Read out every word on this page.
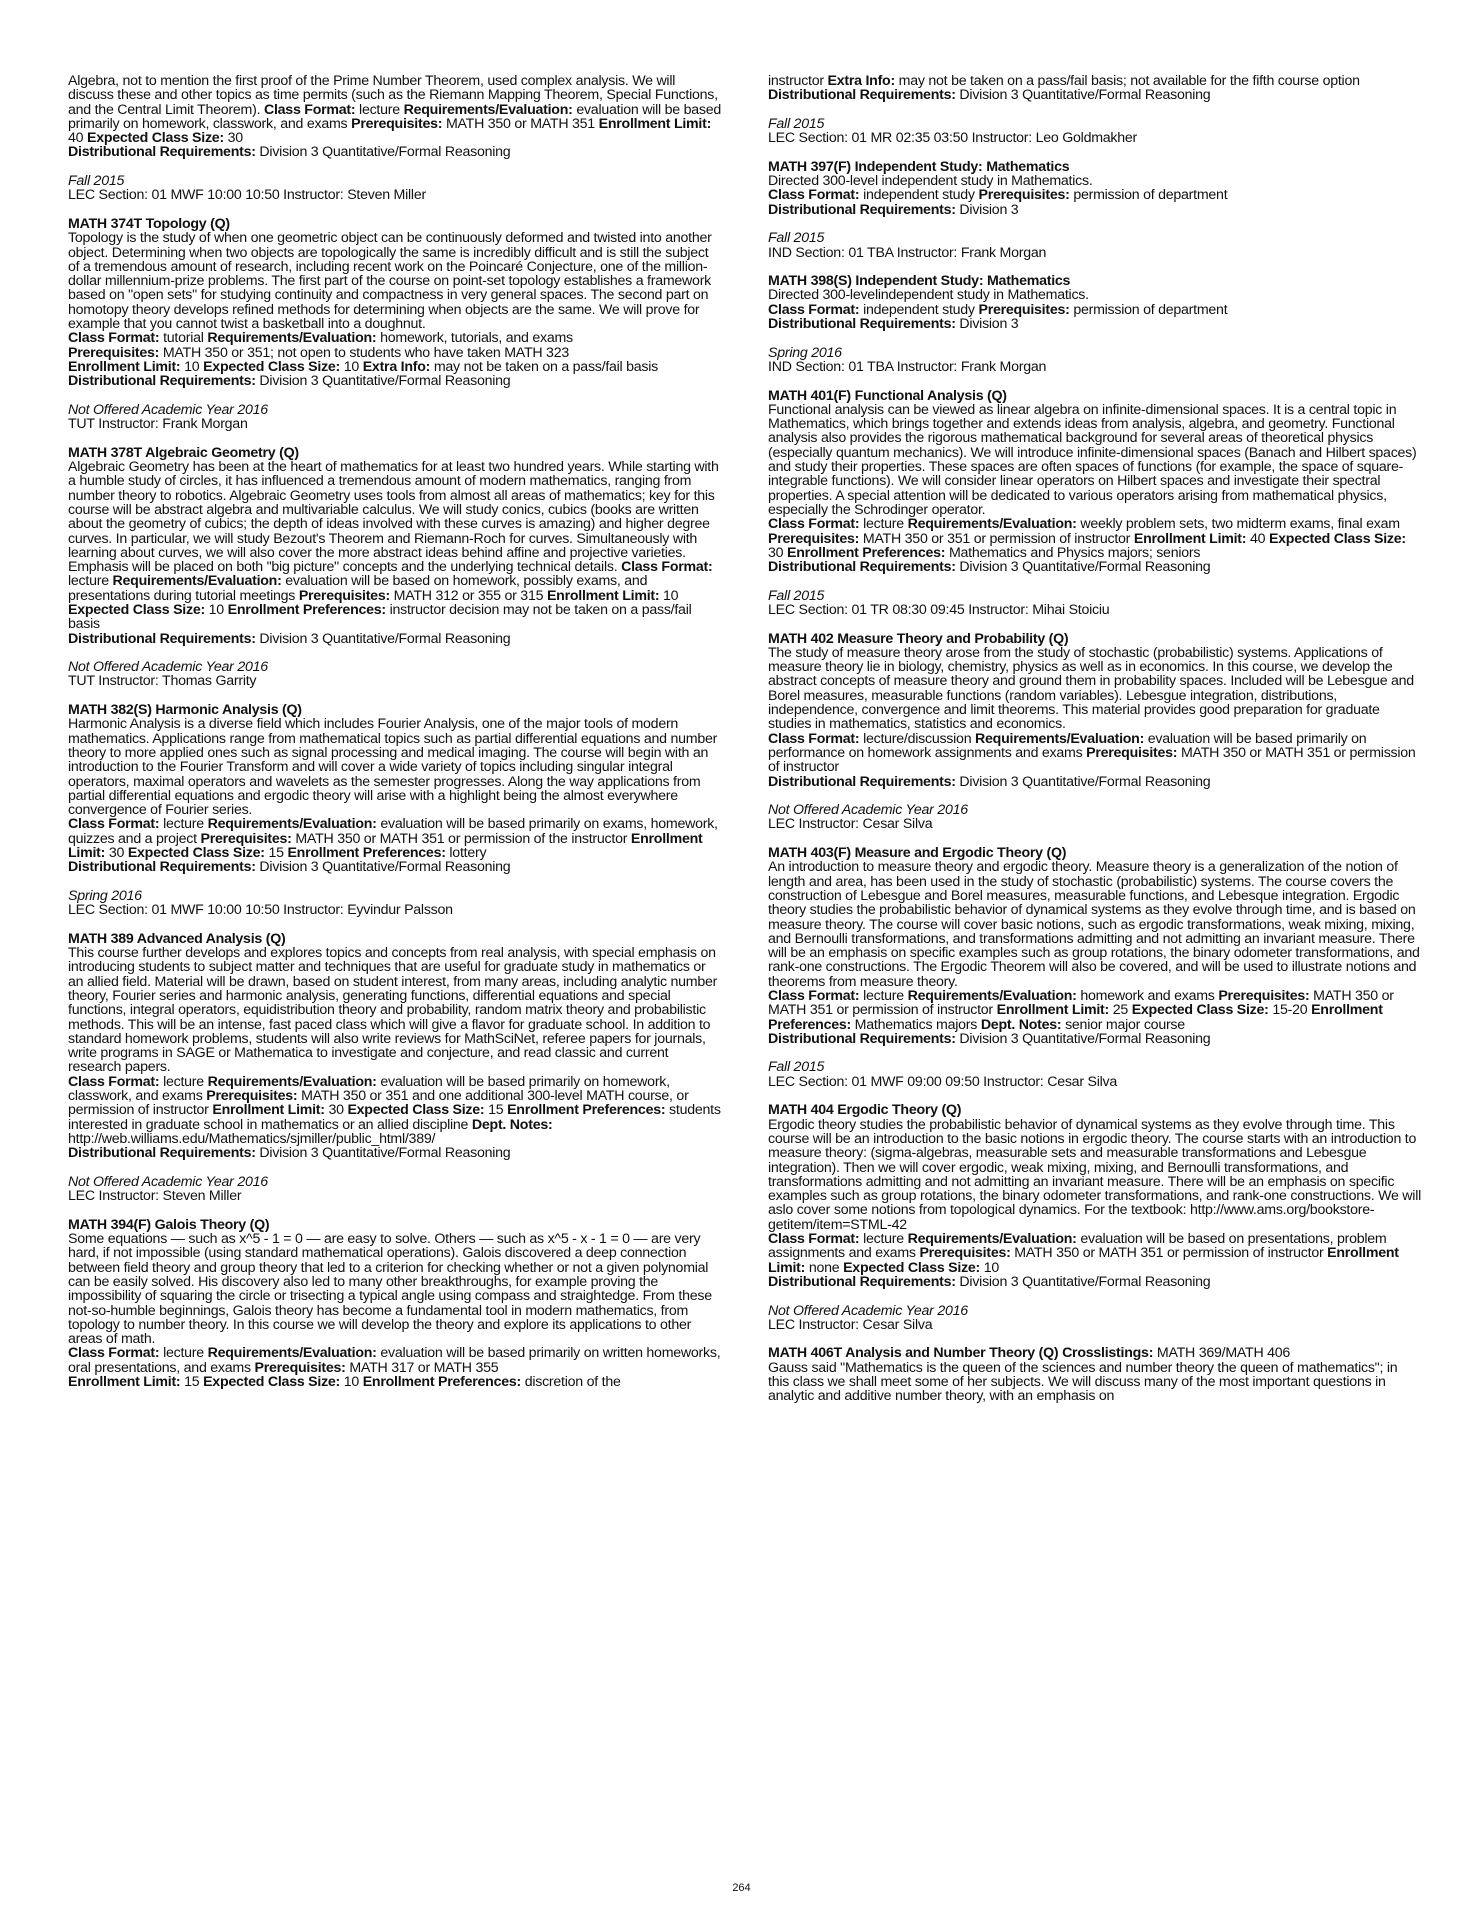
Algebra, not to mention the first proof of the Prime Number Theorem, used complex analysis. We will discuss these and other topics as time permits (such as the Riemann Mapping Theorem, Special Functions, and the Central Limit Theorem). Class Format: lecture Requirements/Evaluation: evaluation will be based primarily on homework, classwork, and exams Prerequisites: MATH 350 or MATH 351 Enrollment Limit: 40 Expected Class Size: 30

Distributional Requirements: Division 3 Quantitative/Formal Reasoning

Fall 2015

LEC Section: 01 MWF 10:00 10:50 Instructor: Steven Miller

MATH 374T Topology (Q)

Topology is the study of when one geometric object can be continuously deformed and twisted into another object. Determining when two objects are topologically the same is incredibly difficult and is still the subject of a tremendous amount of research, including recent work on the Poincaré Conjecture, one of the million-dollar millennium-prize problems. The first part of the course on point-set topology establishes a framework based on "open sets" for studying continuity and compactness in very general spaces. The second part on homotopy theory develops refined methods for determining when objects are the same. We will prove for example that you cannot twist a basketball into a doughnut.

Class Format: tutorial Requirements/Evaluation: homework, tutorials, and exams

Prerequisites: MATH 350 or 351; not open to students who have taken MATH 323

Enrollment Limit: 10 Expected Class Size: 10 Extra Info: may not be taken on a pass/fail basis

Distributional Requirements: Division 3 Quantitative/Formal Reasoning

Not Offered Academic Year 2016

TUT Instructor: Frank Morgan

MATH 378T Algebraic Geometry (Q)

Algebraic Geometry has been at the heart of mathematics for at least two hundred years. While starting with a humble study of circles, it has influenced a tremendous amount of modern mathematics, ranging from number theory to robotics. Algebraic Geometry uses tools from almost all areas of mathematics; key for this course will be abstract algebra and multivariable calculus. We will study conics, cubics (books are written about the geometry of cubics; the depth of ideas involved with these curves is amazing) and higher degree curves. In particular, we will study Bezout's Theorem and Riemann-Roch for curves. Simultaneously with learning about curves, we will also cover the more abstract ideas behind affine and projective varieties. Emphasis will be placed on both "big picture" concepts and the underlying technical details. Class Format: lecture Requirements/Evaluation: evaluation will be based on homework, possibly exams, and presentations during tutorial meetings Prerequisites: MATH 312 or 355 or 315 Enrollment Limit: 10 Expected Class Size: 10 Enrollment Preferences: instructor decision may not be taken on a pass/fail basis

Distributional Requirements: Division 3 Quantitative/Formal Reasoning

Not Offered Academic Year 2016

TUT Instructor: Thomas Garrity

MATH 382(S) Harmonic Analysis (Q)

Harmonic Analysis is a diverse field which includes Fourier Analysis, one of the major tools of modern mathematics. Applications range from mathematical topics such as partial differential equations and number theory to more applied ones such as signal processing and medical imaging. The course will begin with an introduction to the Fourier Transform and will cover a wide variety of topics including singular integral operators, maximal operators and wavelets as the semester progresses. Along the way applications from partial differential equations and ergodic theory will arise with a highlight being the almost everywhere convergence of Fourier series.

Class Format: lecture Requirements/Evaluation: evaluation will be based primarily on exams, homework, quizzes and a project Prerequisites: MATH 350 or MATH 351 or permission of the instructor Enrollment Limit: 30 Expected Class Size: 15 Enrollment Preferences: lottery

Distributional Requirements: Division 3 Quantitative/Formal Reasoning

Spring 2016

LEC Section: 01 MWF 10:00 10:50 Instructor: Eyvindur Palsson

MATH 389 Advanced Analysis (Q)

This course further develops and explores topics and concepts from real analysis, with special emphasis on introducing students to subject matter and techniques that are useful for graduate study in mathematics or an allied field. Material will be drawn, based on student interest, from many areas, including analytic number theory, Fourier series and harmonic analysis, generating functions, differential equations and special functions, integral operators, equidistribution theory and probability, random matrix theory and probabilistic methods. This will be an intense, fast paced class which will give a flavor for graduate school. In addition to standard homework problems, students will also write reviews for MathSciNet, referee papers for journals, write programs in SAGE or Mathematica to investigate and conjecture, and read classic and current research papers.

Class Format: lecture Requirements/Evaluation: evaluation will be based primarily on homework, classwork, and exams Prerequisites: MATH 350 or 351 and one additional 300-level MATH course, or permission of instructor Enrollment Limit: 30 Expected Class Size: 15 Enrollment Preferences: students interested in graduate school in mathematics or an allied discipline Dept. Notes: http://web.williams.edu/Mathematics/sjmiller/public_html/389/

Distributional Requirements: Division 3 Quantitative/Formal Reasoning

Not Offered Academic Year 2016

LEC Instructor: Steven Miller

MATH 394(F) Galois Theory (Q)

Some equations — such as x^5 - 1 = 0 — are easy to solve. Others — such as x^5 - x - 1 = 0 — are very hard, if not impossible (using standard mathematical operations). Galois discovered a deep connection between field theory and group theory that led to a criterion for checking whether or not a given polynomial can be easily solved. His discovery also led to many other breakthroughs, for example proving the impossibility of squaring the circle or trisecting a typical angle using compass and straightedge. From these not-so-humble beginnings, Galois theory has become a fundamental tool in modern mathematics, from topology to number theory. In this course we will develop the theory and explore its applications to other areas of math.

Class Format: lecture Requirements/Evaluation: evaluation will be based primarily on written homeworks, oral presentations, and exams Prerequisites: MATH 317 or MATH 355

Enrollment Limit: 15 Expected Class Size: 10 Enrollment Preferences: discretion of the

instructor Extra Info: may not be taken on a pass/fail basis; not available for the fifth course option

Distributional Requirements: Division 3 Quantitative/Formal Reasoning

Fall 2015

LEC Section: 01 MR 02:35 03:50 Instructor: Leo Goldmakher

MATH 397(F) Independent Study: Mathematics

Directed 300-level independent study in Mathematics.

Class Format: independent study Prerequisites: permission of department

Distributional Requirements: Division 3

Fall 2015

IND Section: 01 TBA Instructor: Frank Morgan

MATH 398(S) Independent Study: Mathematics

Directed 300-levelindependent study in Mathematics.

Class Format: independent study Prerequisites: permission of department

Distributional Requirements: Division 3

Spring 2016

IND Section: 01 TBA Instructor: Frank Morgan

MATH 401(F) Functional Analysis (Q)

Functional analysis can be viewed as linear algebra on infinite-dimensional spaces. It is a central topic in Mathematics, which brings together and extends ideas from analysis, algebra, and geometry. Functional analysis also provides the rigorous mathematical background for several areas of theoretical physics (especially quantum mechanics). We will introduce infinite-dimensional spaces (Banach and Hilbert spaces) and study their properties. These spaces are often spaces of functions (for example, the space of square-integrable functions). We will consider linear operators on Hilbert spaces and investigate their spectral properties. A special attention will be dedicated to various operators arising from mathematical physics, especially the Schrodinger operator.

Class Format: lecture Requirements/Evaluation: weekly problem sets, two midterm exams, final exam Prerequisites: MATH 350 or 351 or permission of instructor Enrollment Limit: 40 Expected Class Size: 30 Enrollment Preferences: Mathematics and Physics majors; seniors

Distributional Requirements: Division 3 Quantitative/Formal Reasoning

Fall 2015

LEC Section: 01 TR 08:30 09:45 Instructor: Mihai Stoiciu

MATH 402 Measure Theory and Probability (Q)

The study of measure theory arose from the study of stochastic (probabilistic) systems. Applications of measure theory lie in biology, chemistry, physics as well as in economics. In this course, we develop the abstract concepts of measure theory and ground them in probability spaces. Included will be Lebesgue and Borel measures, measurable functions (random variables). Lebesgue integration, distributions, independence, convergence and limit theorems. This material provides good preparation for graduate studies in mathematics, statistics and economics.

Class Format: lecture/discussion Requirements/Evaluation: evaluation will be based primarily on performance on homework assignments and exams Prerequisites: MATH 350 or MATH 351 or permission of instructor

Distributional Requirements: Division 3 Quantitative/Formal Reasoning

Not Offered Academic Year 2016

LEC Instructor: Cesar Silva

MATH 403(F) Measure and Ergodic Theory (Q)

An introduction to measure theory and ergodic theory. Measure theory is a generalization of the notion of length and area, has been used in the study of stochastic (probabilistic) systems. The course covers the construction of Lebesgue and Borel measures, measurable functions, and Lebesque integration. Ergodic theory studies the probabilistic behavior of dynamical systems as they evolve through time, and is based on measure theory. The course will cover basic notions, such as ergodic transformations, weak mixing, mixing, and Bernoulli transformations, and transformations admitting and not admitting an invariant measure. There will be an emphasis on specific examples such as group rotations, the binary odometer transformations, and rank-one constructions. The Ergodic Theorem will also be covered, and will be used to illustrate notions and theorems from measure theory.

Class Format: lecture Requirements/Evaluation: homework and exams Prerequisites: MATH 350 or MATH 351 or permission of instructor Enrollment Limit: 25 Expected Class Size: 15-20 Enrollment Preferences: Mathematics majors Dept. Notes: senior major course

Distributional Requirements: Division 3 Quantitative/Formal Reasoning

Fall 2015

LEC Section: 01 MWF 09:00 09:50 Instructor: Cesar Silva

MATH 404 Ergodic Theory (Q)

Ergodic theory studies the probabilistic behavior of dynamical systems as they evolve through time. This course will be an introduction to the basic notions in ergodic theory. The course starts with an introduction to measure theory: (sigma-algebras, measurable sets and measurable transformations and Lebesgue integration). Then we will cover ergodic, weak mixing, mixing, and Bernoulli transformations, and transformations admitting and not admitting an invariant measure. There will be an emphasis on specific examples such as group rotations, the binary odometer transformations, and rank-one constructions. We will aslo cover some notions from topological dynamics. For the textbook: http://www.ams.org/bookstore-getitem/item=STML-42

Class Format: lecture Requirements/Evaluation: evaluation will be based on presentations, problem assignments and exams Prerequisites: MATH 350 or MATH 351 or permission of instructor Enrollment Limit: none Expected Class Size: 10

Distributional Requirements: Division 3 Quantitative/Formal Reasoning

Not Offered Academic Year 2016

LEC Instructor: Cesar Silva

MATH 406T Analysis and Number Theory (Q) Crosslistings: MATH 369/MATH 406

Gauss said "Mathematics is the queen of the sciences and number theory the queen of mathematics"; in this class we shall meet some of her subjects. We will discuss many of the most important questions in analytic and additive number theory, with an emphasis on

264
